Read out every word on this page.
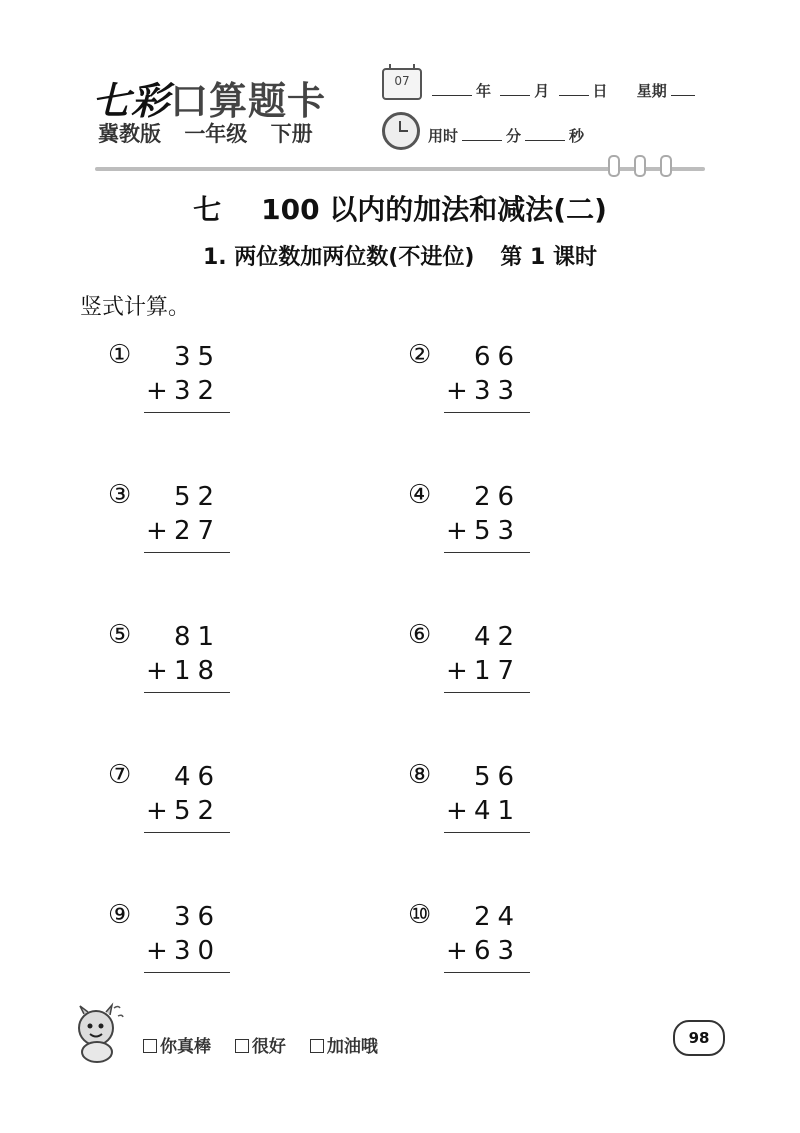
七彩口算题卡
冀教版 一年级 下册
07
年	月	日 星期
用时	分	秒
七 100 以内的加法和减法(二)
1. 两位数加两位数(不进位) 第 1 课时
竖式计算。
① 35
+ 32
② 66
+ 33
③ 52
+ 27
④ 26
+ 53
⑤ 81
+ 18
⑥ 42
+ 17
⑦ 46
+ 52
⑧ 56
+ 41
⑨ 36
+ 30
⑩ 24
+ 63
你真棒 很好 加油哦	98
